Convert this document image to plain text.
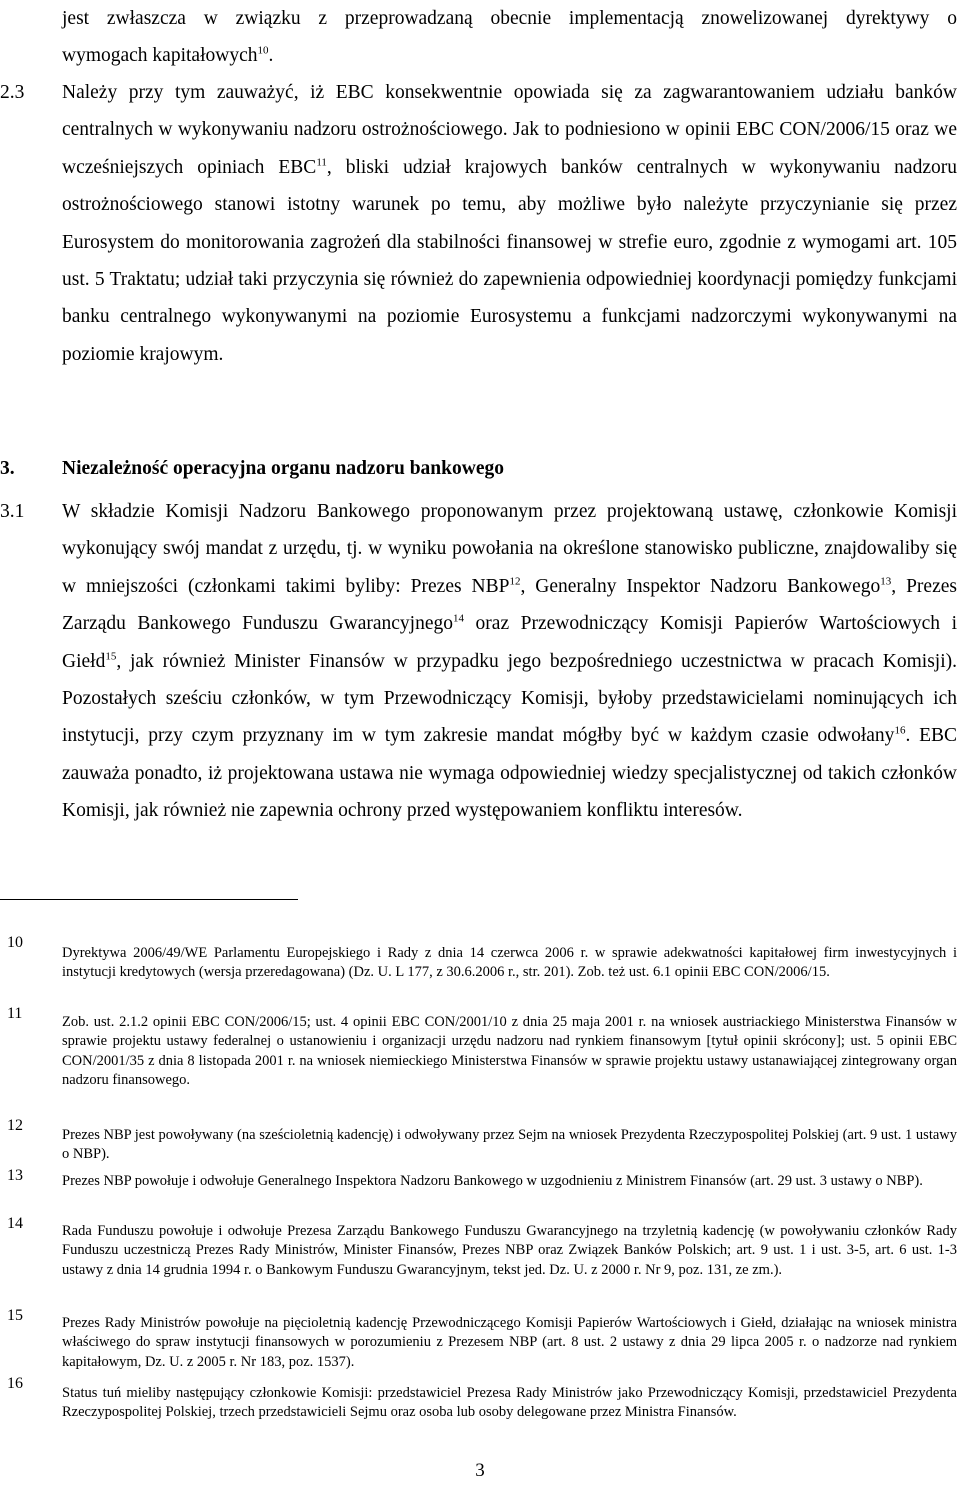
jest zwłaszcza w związku z przeprowadzaną obecnie implementacją znowelizowanej dyrektywy o
wymogach kapitałowych$^{10}$.
2.3 Należy przy tym zauważyć, iż EBC konsekwentnie opowiada się za zagwarantowaniem udziału banków centralnych w wykonywaniu nadzoru ostrożnościowego. Jak to podniesiono w opinii EBC CON/2006/15 oraz we wcześniejszych opiniach EBC$^{11}$, bliski udział krajowych banków centralnych w wykonywaniu nadzoru ostrożnościowego stanowi istotny warunek po temu, aby możliwe było należyte przyczynianie się przez Eurosystem do monitorowania zagrożeń dla stabilności finansowej w strefie euro, zgodnie z wymogami art. 105 ust. 5 Traktatu; udział taki przyczynia się również do zapewnienia odpowiedniej koordynacji pomiędzy funkcjami banku centralnego wykonywanymi na poziomie Eurosystemu a funkcjami nadzorczymi wykonywanymi na poziomie krajowym.
3. Niezależność operacyjna organu nadzoru bankowego
3.1 W składzie Komisji Nadzoru Bankowego proponowanym przez projektowaną ustawę, członkowie Komisji wykonujący swój mandat z urzędu, tj. w wyniku powołania na określone stanowisko publiczne, znajdowaliby się w mniejszości (członkami takimi byliby: Prezes NBP$^{12}$, Generalny Inspektor Nadzoru Bankowego$^{13}$, Prezes Zarządu Bankowego Funduszu Gwarancyjnego$^{14}$ oraz Przewodniczący Komisji Papierów Wartościowych i Giełd$^{15}$, jak również Minister Finansów w przypadku jego bezpośredniego uczestnictwa w pracach Komisji). Pozostałych sześciu członków, w tym Przewodniczący Komisji, byłoby przedstawicielami nominujących ich instytucji, przy czym przyznany im w tym zakresie mandat mógłby być w każdym czasie odwołany$^{16}$. EBC zauważa ponadto, iż projektowana ustawa nie wymaga odpowiedniej wiedzy specjalistycznej od takich członków Komisji, jak również nie zapewnia ochrony przed występowaniem konfliktu interesów.
10
Dyrektywa 2006/49/WE Parlamentu Europejskiego i Rady z dnia 14 czerwca 2006 r. w sprawie adekwatności kapitałowej firm inwestycyjnych i instytucji kredytowych (wersja przeredagowana) (Dz. U. L 177, z 30.6.2006 r., str. 201). Zob. też ust. 6.1 opinii EBC CON/2006/15.
11	Zob. ust. 2.1.2 opinii EBC CON/2006/15; ust. 4 opinii EBC CON/2001/10 z dnia 25 maja 2001 r. na wniosek austriackiego Ministerstwa Finansów w sprawie projektu ustawy federalnej o ustanowieniu i organizacji urzędu nadzoru nad rynkiem finansowym [tytuł opinii skrócony]; ust. 5 opinii EBC CON/2001/35 z dnia 8 listopada 2001 r. na wniosek niemieckiego Ministerstwa Finansów w sprawie projektu ustawy ustanawiającej zintegrowany organ nadzoru finansowego.
12
Prezes NBP jest powoływany (na sześcioletnią kadencję) i odwoływany przez Sejm na wniosek Prezydenta Rzeczypospolitej Polskiej (art. 9 ust. 1 ustawy o NBP).
13	Prezes NBP powołuje i odwołuje Generalnego Inspektora Nadzoru Bankowego w uzgodnieniu z Ministrem Finansów (art. 29 ust. 3 ustawy o NBP).
14	Rada Funduszu powołuje i odwołuje Prezesa Zarządu Bankowego Funduszu Gwarancyjnego na trzyletnią kadencję (w powoływaniu członków Rady Funduszu uczestniczą Prezes Rady Ministrów, Minister Finansów, Prezes NBP oraz Związek Banków Polskich; art. 9 ust. 1 i ust. 3-5, art. 6 ust. 1-3 ustawy z dnia 14 grudnia 1994 r. o Bankowym Funduszu Gwarancyjnym, tekst jed. Dz. U. z 2000 r. Nr 9, poz. 131, ze zm.).
15	Prezes Rady Ministrów powołuje na pięcioletnią kadencję Przewodniczącego Komisji Papierów Wartościowych i Giełd, działając na wniosek ministra właściwego do spraw instytucji finansowych w porozumieniu z Prezesem NBP (art. 8 ust. 2 ustawy z dnia 29 lipca 2005 r. o nadzorze nad rynkiem kapitałowym, Dz. U. z 2005 r. Nr 183, poz. 1537).
16
Status tuń mieliby następujący członkowie Komisji: przedstawiciel Prezesa Rady Ministrów jako Przewodniczący Komisji, przedstawiciel Prezydenta Rzeczypospolitej Polskiej, trzech przedstawicieli Sejmu oraz osoba lub osoby delegowane przez Ministra Finansów.
3
